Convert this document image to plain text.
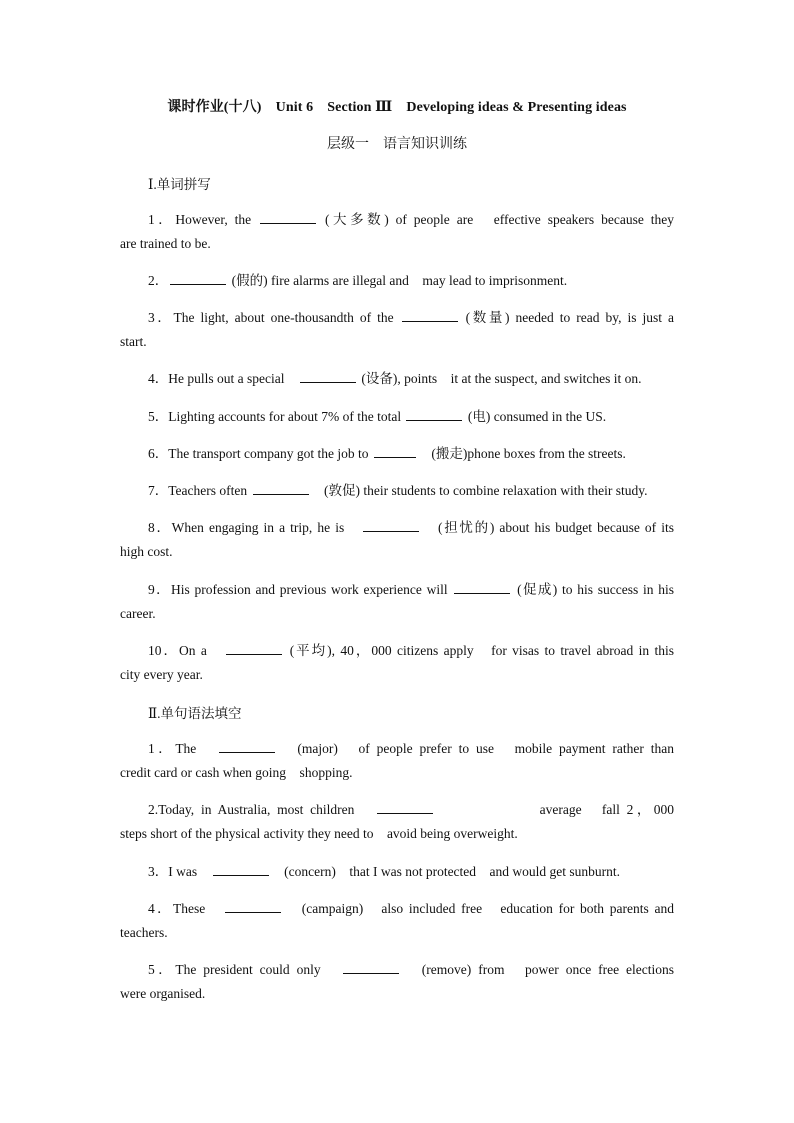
课时作业(十八)　Unit 6　Section Ⅲ　Developing ideas & Presenting ideas
层级一　语言知识训练
Ⅰ.单词拼写
1．However, the	(大多数) of people are　effective speakers because they
are trained to be.
2．	(假的) fire alarms are illegal and　may lead to imprisonment.
3．The light, about one-thousandth of the	(数量) needed to read by, is just a
start.
4．He pulls out a special　	(设备), points　it at the suspect, and switches it on.
5．Lighting accounts for about 7% of the total	(电) consumed in the US.
6．The transport company got the job to	　(搬走)phone boxes from the streets.
7．Teachers often	　(敦促) their students to combine relaxation with their study.
8．When engaging in a trip, he is　	　(担忧的) about his budget because of its
high cost.
9．His profession and previous work experience will	(促成) to his success in his
career.
10．On a　	(平均), 40，000 citizens apply　for visas to travel abroad in this
city every year.
Ⅱ.单句语法填空
1．The　	　(major)　of people prefer to use　mobile payment rather than
credit card or cash when going　shopping.
2.Today, in Australia, most children　	　　　　　　average　fall 2，000
steps short of the physical activity they need to　avoid being overweight.
3．I was　	　(concern)　that I was not protected　and would get sunburnt.
4．These　	　(campaign)　also included free　education for both parents and
teachers.
5．The president could only　	　(remove) from　power once free elections
were organised.
